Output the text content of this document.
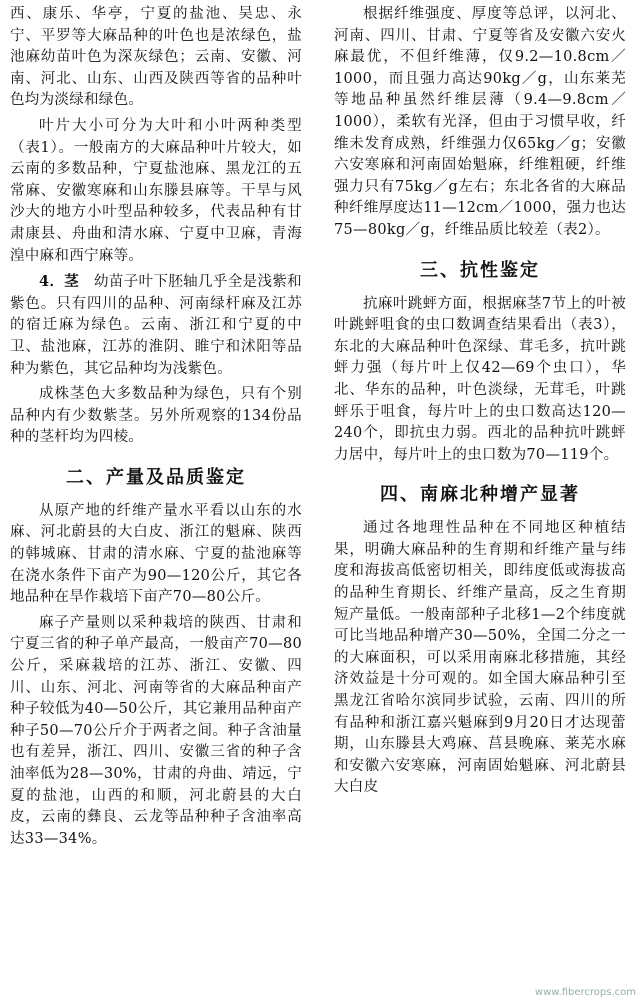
西、康乐、华亭，宁夏的盐池、吴忠、永宁、平罗等大麻品种的叶色也是浓绿色，盐池麻幼苗叶色为深灰绿色；云南、安徽、河南、河北、山东、山西及陕西等省的品种叶色均为淡绿和绿色。

叶片大小可分为大叶和小叶两种类型（表1）。一般南方的大麻品种叶片较大，如云南的多数品种，宁夏盐池麻、黑龙江的五常麻、安徽寒麻和山东滕县麻等。干旱与风沙大的地方小叶型品种较多，代表品种有甘肃康县、舟曲和清水麻、宁夏中卫麻，青海湟中麻和西宁麻等。

4．茎　 幼苗子叶下胚轴几乎全是浅紫和紫色。只有四川的品种、河南绿杆麻及江苏的宿迁麻为绿色。云南、浙江和宁夏的中卫、盐池麻，江苏的淮阴、睢宁和沭阳等品种为紫色，其它品种均为浅紫色。

成株茎色大多数品种为绿色，只有个别品种内有少数紫茎。另外所观察的134份品种的茎杆均为四棱。

二、产量及品质鉴定

从原产地的纤维产量水平看以山东的水麻、河北蔚县的大白皮、浙江的魁麻、陕西的韩城麻、甘肃的清水麻、宁夏的盐池麻等在浇水条件下亩产为90—120公斤，其它各地品种在旱作栽培下亩产70—80公斤。

麻子产量则以采种栽培的陕西、甘肃和宁夏三省的种子单产最高，一般亩产70—80公斤，采麻栽培的江苏、浙江、安徽、四川、山东、河北、河南等省的大麻品种亩产种子较低为40—50公斤，其它兼用品种亩产种子50—70公斤介于两者之间。种子含油量也有差异，浙江、四川、安徽三省的种子含油率低为28—30%，甘肃的舟曲、靖远，宁夏的盐池，山西的和顺，河北蔚县的大白皮，云南的彝良、云龙等品种种子含油率高达33—34%。

根据纤维强度、厚度等总评，以河北、河南、四川、甘肃、宁夏等省及安徽六安火麻最优，不但纤维薄，仅9.2—10.8cm／1000，而且强力高达90kg／g，山东莱芜等地品种虽然纤维层薄（9.4—9.8cm／1000），柔软有光泽，但由于习惯早收，纤维未发育成熟，纤维强力仅65kg／g；安徽六安寒麻和河南固始魁麻，纤维粗硬，纤维强力只有75kg／g左右；东北各省的大麻品种纤维厚度达11—12cm／1000，强力也达75—80kg／g，纤维品质比较差（表2）。

三、抗性鉴定

抗麻叶跳蚲方面，根据麻茎7节上的叶被叶跳蚲咀食的虫口数调查结果看出（表3），东北的大麻品种叶色深绿、茸毛多，抗叶跳蚲力强（每片叶上仅42—69个虫口），华北、华东的品种，叶色淡绿，无茸毛，叶跳蚲乐于咀食，每片叶上的虫口数高达120—240个，即抗虫力弱。西北的品种抗叶跳蚲力居中，每片叶上的虫口数为70—119个。

四、南麻北种增产显著

通过各地理性品种在不同地区种植结果，明确大麻品种的生育期和纤维产量与纬度和海拔高低密切相关，即纬度低或海拔高的品种生育期长、纤维产量高，反之生育期短产量低。一般南部种子北移1—2个纬度就可比当地品种增产30—50%，全国二分之一的大麻面积，可以采用南麻北移措施，其经济效益是十分可观的。如全国大麻品种引至黑龙江省哈尔滨同步试验，云南、四川的所有品种和浙江嘉兴魁麻到9月20日才达现蕾期，山东滕县大鸡麻、莒县晚麻、莱芜水麻和安徽六安寒麻，河南固始魁麻、河北蔚县大白皮

www.fibercrops.com
